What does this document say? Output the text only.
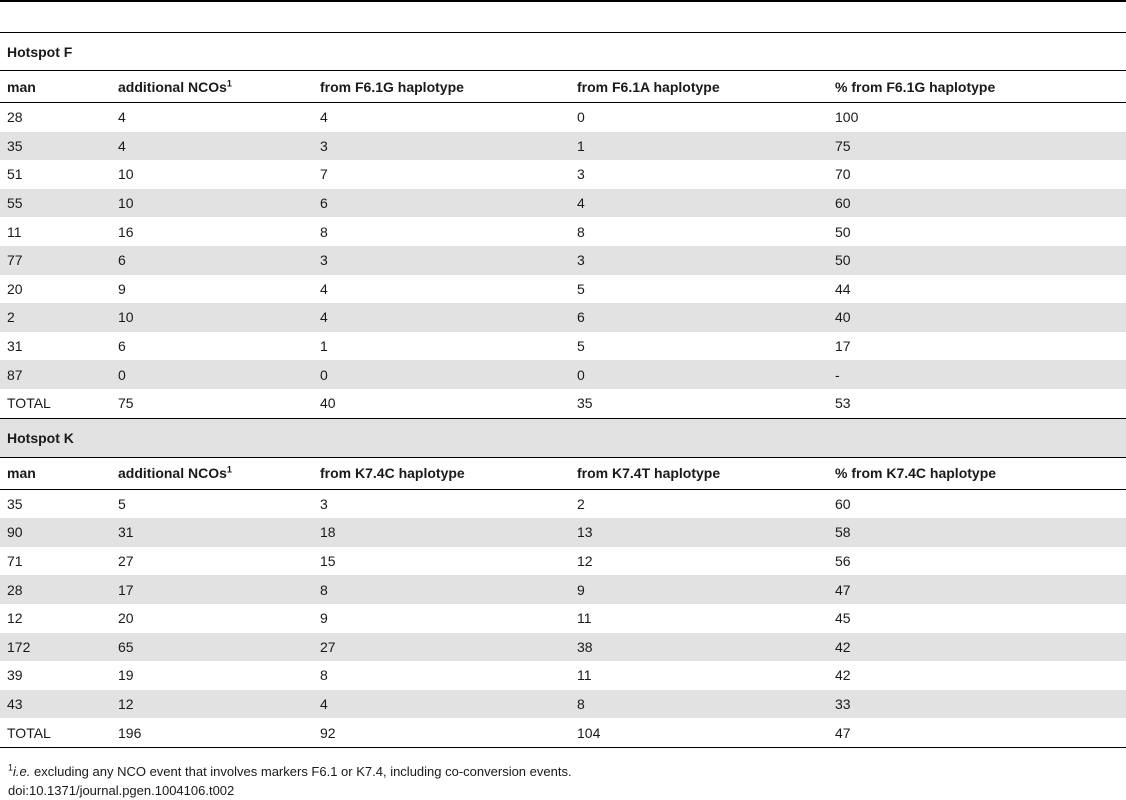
Hotspot F				
man	additional NCOs$^1$	from F6.1G haplotype	from F6.1A haplotype	% from F6.1G haplotype
28	4	4	0	100
35	4	3	1	75
51	10	7	3	70
55	10	6	4	60
11	16	8	8	50
77	6	3	3	50
20	9	4	5	44
2	10	4	6	40
31	6	1	5	17
87	0	0	0	-
TOTAL	75	40	35	53
Hotspot K				
man	additional NCOs$^1$	from K7.4C haplotype	from K7.4T haplotype	% from K7.4C haplotype
35	5	3	2	60
90	31	18	13	58
71	27	15	12	56
28	17	8	9	47
12	20	9	11	45
172	65	27	38	42
39	19	8	11	42
43	12	4	8	33
TOTAL	196	92	104	47
$^1$i.e. excluding any NCO event that involves markers F6.1 or K7.4, including co-conversion events.
doi:10.1371/journal.pgen.1004106.t002
